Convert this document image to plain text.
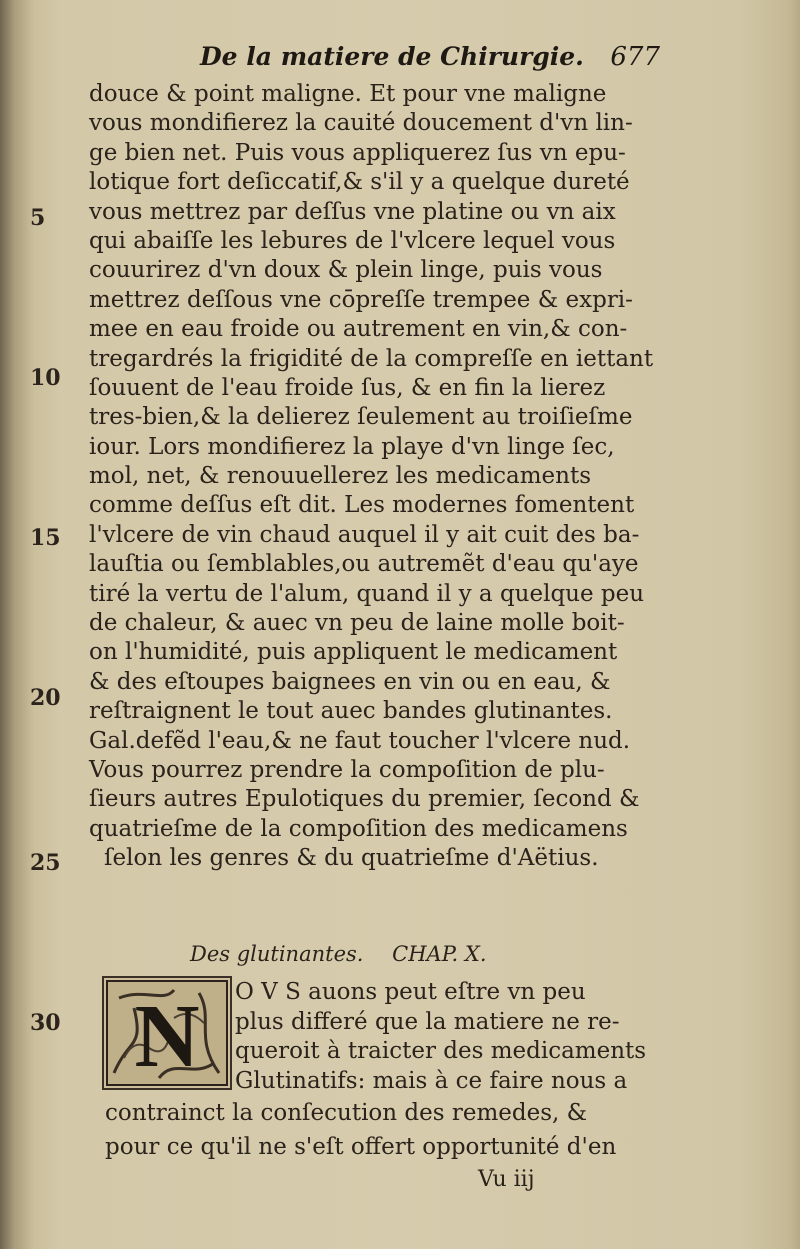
De la matiere de Chirurgie. 677
douce & point maligne. Et pour vne maligne
vous mondifierez la cauité doucement d'vn lin-
ge bien net. Puis vous appliquerez ſus vn epu-
lotique fort deſiccatif,& s'il y a quelque dureté
vous mettrez par deſſus vne platine ou vn aix
qui abaiſſe les lebures de l'vlcere lequel vous
couurirez d'vn doux & plein linge, puis vous
mettrez deſſous vne cōpreſſe trempee & expri-
mee en eau froide ou autrement en vin,& con-
tregardrés la frigidité de la compreſſe en iettant
ſouuent de l'eau froide ſus, & en fin la lierez
tres-bien,& la delierez ſeulement au troiſieſme
iour. Lors mondifierez la playe d'vn linge ſec,
mol, net, & renouuellerez les medicaments
comme deſſus eſt dit. Les modernes fomentent
l'vlcere de vin chaud auquel il y ait cuit des ba-
lauſtia ou ſemblables,ou autremẽt d'eau qu'aye
tiré la vertu de l'alum, quand il y a quelque peu
de chaleur, & auec vn peu de laine molle boit-
on l'humidité, puis appliquent le medicament
& des eſtoupes baignees en vin ou en eau, &
reſtraignent le tout auec bandes glutinantes.
Gal.defẽd l'eau,& ne faut toucher l'vlcere nud.
Vous pourrez prendre la compoſition de plu-
ſieurs autres Epulotiques du premier, ſecond &
quatrieſme de la compoſition des medicamens
ſelon les genres & du quatrieſme d'Aëtius.
5
10
15
20
25
30
Des glutinantes. CHAP. X.
N O V S auons peut eſtre vn peu
plus differé que la matiere ne re-
queroit à traicter des medicaments
Glutinatifs: mais à ce faire nous a
contrainct la conſecution des remedes, &
pour ce qu'il ne s'eſt offert opportunité d'en
Vu iij
